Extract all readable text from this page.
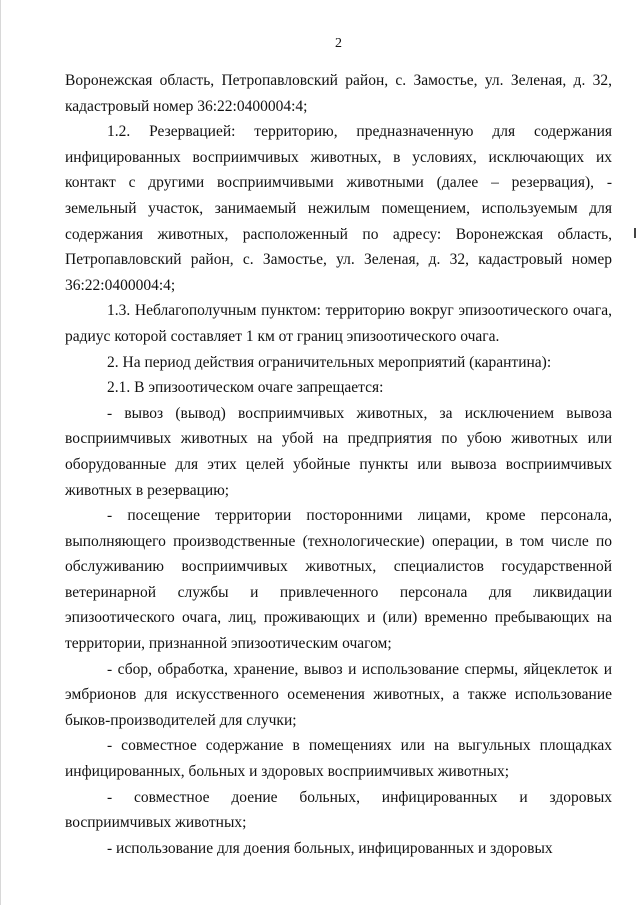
2

Воронежская область, Петропавловский район, с. Замостье, ул. Зеленая, д. 32, кадастровый номер 36:22:0400004:4;

1.2. Резервацией: территорию, предназначенную для содержания инфицированных восприимчивых животных, в условиях, исключающих их контакт с другими восприимчивыми животными (далее – резервация), - земельный участок, занимаемый нежилым помещением, используемым для содержания животных, расположенный по адресу: Воронежская область, Петропавловский район, с. Замостье, ул. Зеленая, д. 32, кадастровый номер 36:22:0400004:4;

1.3. Неблагополучным пунктом: территорию вокруг эпизоотического очага, радиус которой составляет 1 км от границ эпизоотического очага.

2. На период действия ограничительных мероприятий (карантина):

2.1. В эпизоотическом очаге запрещается:

- вывоз (вывод) восприимчивых животных, за исключением вывоза восприимчивых животных на убой на предприятия по убою животных или оборудованные для этих целей убойные пункты или вывоза восприимчивых животных в резервацию;

- посещение территории посторонними лицами, кроме персонала, выполняющего производственные (технологические) операции, в том числе по обслуживанию восприимчивых животных, специалистов государственной ветеринарной службы и привлеченного персонала для ликвидации эпизоотического очага, лиц, проживающих и (или) временно пребывающих на территории, признанной эпизоотическим очагом;

- сбор, обработка, хранение, вывоз и использование спермы, яйцеклеток и эмбрионов для искусственного осеменения животных, а также использование быков-производителей для случки;

- совместное содержание в помещениях или на выгульных площадках инфицированных, больных и здоровых восприимчивых животных;

- совместное доение больных, инфицированных и здоровых восприимчивых животных;

- использование для доения больных, инфицированных и здоровых
